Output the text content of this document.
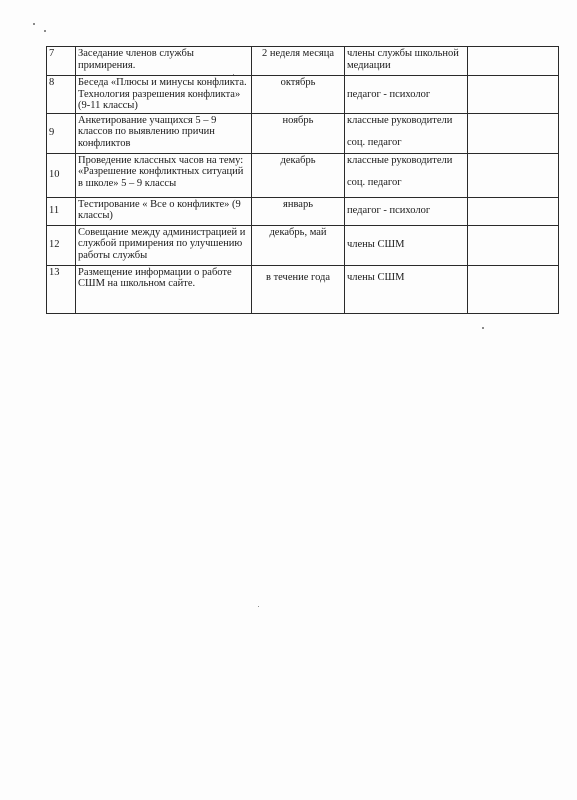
7	Заседание членов службы примирения.	2 неделя месяца	члены службы школьной медиации	

8	Беседа «Плюсы и минусы конфликта. Технология разрешения конфликта» (9-11 классы)	октябрь	педагог - психолог	

9	Анкетирование учащихся 5 – 9 классов по выявлению причин конфликтов	ноябрь	классные руководители
соц. педагог	

10	Проведение классных часов на тему: «Разрешение конфликтных ситуаций в школе» 5 – 9 классы	декабрь	классные руководители
соц. педагог	

11	Тестирование « Все о конфликте» (9 классы)	январь	педагог - психолог	

12	Совещание между администрацией и службой примирения по улучшению работы службы	декабрь, май	члены СШМ	

13	Размещение информации о работе СШМ на школьном сайте.	в течение года	члены СШМ	
